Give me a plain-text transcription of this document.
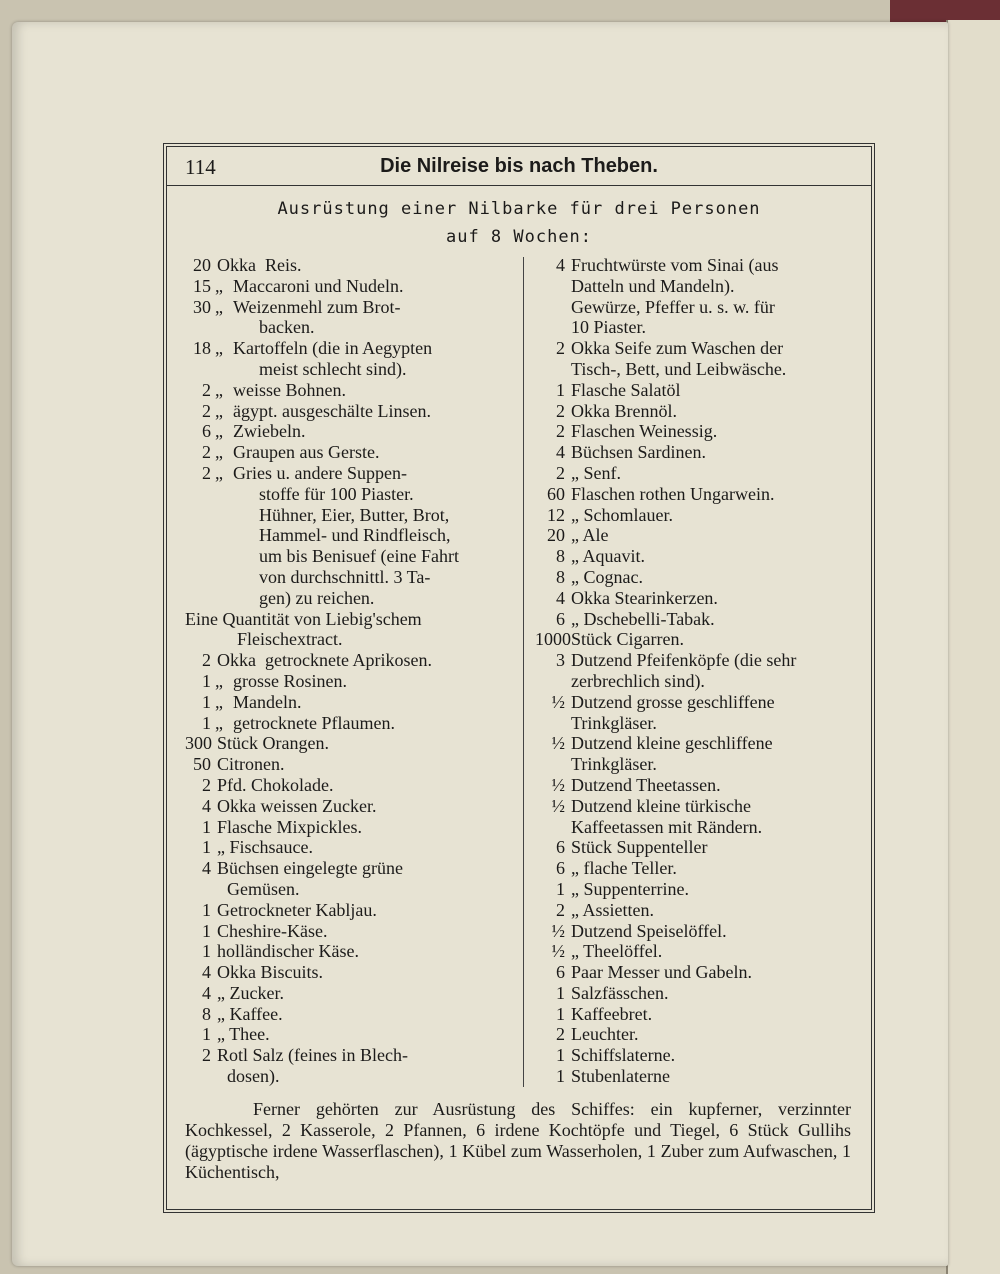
114	Die Nilreise bis nach Theben.
Ausrüstung einer Nilbarke für drei Personen
auf 8 Wochen:
20 Okka Reis.
15 „ Maccaroni und Nudeln.
30 „ Weizenmehl zum Brot-
backen.
18 „ Kartoffeln (die in Aegypten
meist schlecht sind).
2 „ weisse Bohnen.
2 „ ägypt. ausgeschälte Linsen.
6 „ Zwiebeln.
2 „ Graupen aus Gerste.
2 „ Gries u. andere Suppen-
stoffe für 100 Piaster.
Hühner, Eier, Butter, Brot,
Hammel- und Rindfleisch,
um bis Benisuef (eine Fahrt
von durchschnittl. 3 Ta-
gen) zu reichen.
Eine Quantität von Liebig'schem
Fleischextract.
2 Okka getrocknete Aprikosen.
1 „ grosse Rosinen.
1 „ Mandeln.
1 „ getrocknete Pflaumen.
300 Stück Orangen.
50 Citronen.
2 Pfd. Chokolade.
4 Okka weissen Zucker.
1 Flasche Mixpickles.
1 „ Fischsauce.
4 Büchsen eingelegte grüne
Gemüsen.
1 Getrockneter Kabljau.
1 Cheshire-Käse.
1 holländischer Käse.
4 Okka Biscuits.
4 „ Zucker.
8 „ Kaffee.
1 „ Thee.
2 Rotl Salz (feines in Blech-
dosen).
4 Fruchtwürste vom Sinai (aus
Datteln und Mandeln).
Gewürze, Pfeffer u. s. w. für
10 Piaster.
2 Okka Seife zum Waschen der
Tisch-, Bett, und Leibwäsche.
1 Flasche Salatöl
2 Okka Brennöl.
2 Flaschen Weinessig.
4 Büchsen Sardinen.
2 „ Senf.
60 Flaschen rothen Ungarwein.
12 „ Schomlauer.
20 „ Ale
8 „ Aquavit.
8 „ Cognac.
4 Okka Stearinkerzen.
6 „ Dschebelli-Tabak.
1000 Stück Cigarren.
3 Dutzend Pfeifenköpfe (die sehr
zerbrechlich sind).
½ Dutzend grosse geschliffene
Trinkgläser.
½ Dutzend kleine geschliffene
Trinkgläser.
½ Dutzend Theetassen.
½ Dutzend kleine türkische
Kaffeetassen mit Rändern.
6 Stück Suppenteller
6 „ flache Teller.
1 „ Suppenterrine.
2 „ Assietten.
½ Dutzend Speiselöffel.
½ „ Theelöffel.
6 Paar Messer und Gabeln.
1 Salzfässchen.
1 Kaffeebret.
2 Leuchter.
1 Schiffslaterne.
1 Stubenlaterne
Ferner gehörten zur Ausrüstung des Schiffes: ein kupferner, verzinnter Kochkessel, 2 Kasserole, 2 Pfannen, 6 irdene Kochtöpfe und Tiegel, 6 Stück Gullihs (ägyptische irdene Wasserflaschen), 1 Kübel zum Wasserholen, 1 Zuber zum Aufwaschen, 1 Küchentisch,
